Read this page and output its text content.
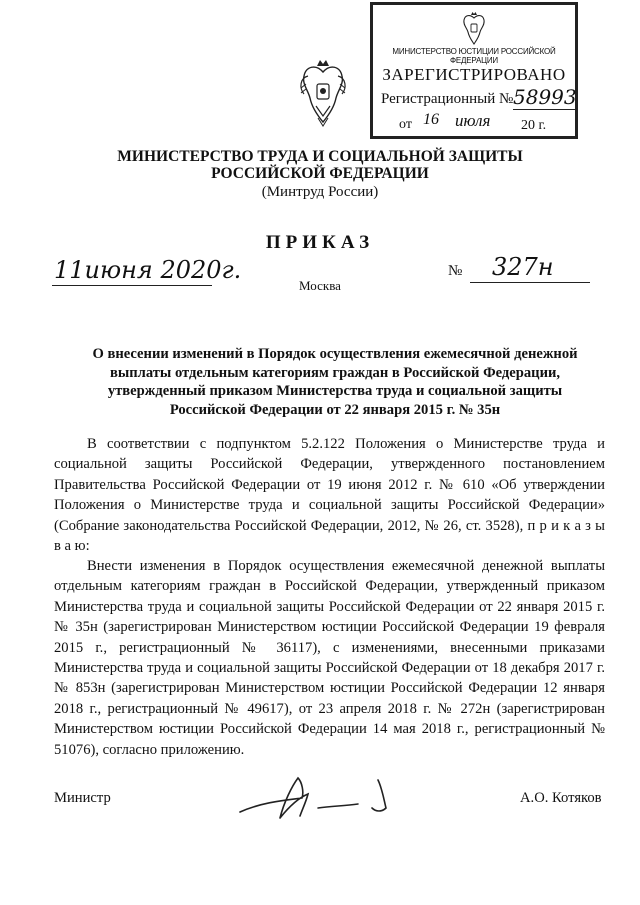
МИНИСТЕРСТВО ЮСТИЦИИ РОССИЙСКОЙ ФЕДЕРАЦИИ
ЗАРЕГИСТРИРОВАНО
Регистрационный № 58993
от 16 июля 20 г.
МИНИСТЕРСТВО ТРУДА И СОЦИАЛЬНОЙ ЗАЩИТЫ
РОССИЙСКОЙ ФЕДЕРАЦИИ
(Минтруд России)
ПРИКАЗ
11июня 2020г.	№ 327н
Москва
О внесении изменений в Порядок осуществления ежемесячной денежной выплаты отдельным категориям граждан в Российской Федерации, утвержденный приказом Министерства труда и социальной защиты Российской Федерации от 22 января 2015 г. № 35н
В соответствии с подпунктом 5.2.122 Положения о Министерстве труда и социальной защиты Российской Федерации, утвержденного постановлением Правительства Российской Федерации от 19 июня 2012 г. № 610 «Об утверждении Положения о Министерстве труда и социальной защиты Российской Федерации» (Собрание законодательства Российской Федерации, 2012, № 26, ст. 3528), п р и к а з ы в а ю:
Внести изменения в Порядок осуществления ежемесячной денежной выплаты отдельным категориям граждан в Российской Федерации, утвержденный приказом Министерства труда и социальной защиты Российской Федерации от 22 января 2015 г. № 35н (зарегистрирован Министерством юстиции Российской Федерации 19 февраля 2015 г., регистрационный № 36117), с изменениями, внесенными приказами Министерства труда и социальной защиты Российской Федерации от 18 декабря 2017 г. № 853н (зарегистрирован Министерством юстиции Российской Федерации 12 января 2018 г., регистрационный № 49617), от 23 апреля 2018 г. № 272н (зарегистрирован Министерством юстиции Российской Федерации 14 мая 2018 г., регистрационный № 51076), согласно приложению.
Министр	А.О. Котяков
